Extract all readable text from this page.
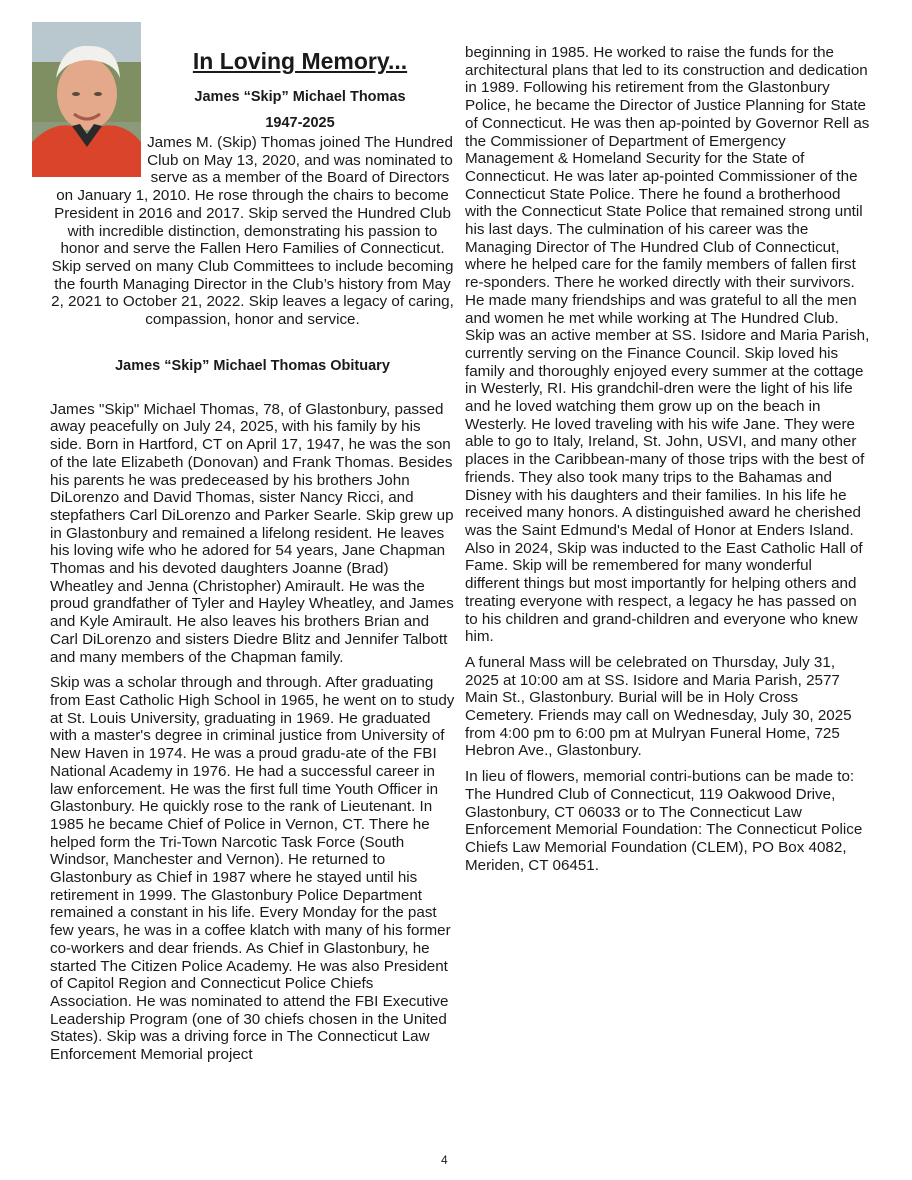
In Loving Memory...
James “Skip” Michael Thomas
1947-2025

James M. (Skip) Thomas joined The Hundred Club on May 13, 2020, and was nominated to serve as a member of the Board of Directors on January 1, 2010. He rose through the chairs to become President in 2016 and 2017. Skip served the Hundred Club with incredible distinction, demonstrating his passion to honor and serve the Fallen Hero Families of Connecticut. Skip served on many Club Committees to include becoming the fourth Managing Director in the Club’s history from May 2, 2021 to October 21, 2022. Skip leaves a legacy of caring, compassion, honor and service.

James “Skip” Michael Thomas Obituary

James "Skip" Michael Thomas, 78, of Glastonbury, passed away peacefully on July 24, 2025, with his family by his side. Born in Hartford, CT on April 17, 1947, he was the son of the late Elizabeth (Donovan) and Frank Thomas. Besides his parents he was predeceased by his brothers John DiLorenzo and David Thomas, sister Nancy Ricci, and stepfathers Carl DiLorenzo and Parker Searle. Skip grew up in Glastonbury and remained a lifelong resident. He leaves his loving wife who he adored for 54 years, Jane Chapman Thomas and his devoted daughters Joanne (Brad) Wheatley and Jenna (Christopher) Amirault. He was the proud grandfather of Tyler and Hayley Wheatley, and James and Kyle Amirault. He also leaves his brothers Brian and Carl DiLorenzo and sisters Diedre Blitz and Jennifer Talbott and many members of the Chapman family.

Skip was a scholar through and through. After graduating from East Catholic High School in 1965, he went on to study at St. Louis University, graduating in 1969. He graduated with a master's degree in criminal justice from University of New Haven in 1974. He was a proud gradu-ate of the FBI National Academy in 1976. He had a successful career in law enforcement. He was the first full time Youth Officer in Glastonbury. He quickly rose to the rank of Lieutenant. In 1985 he became Chief of Police in Vernon, CT. There he helped form the Tri-Town Narcotic Task Force (South Windsor, Manchester and Vernon). He returned to Glastonbury as Chief in 1987 where he stayed until his retirement in 1999. The Glastonbury Police Department remained a constant in his life. Every Monday for the past few years, he was in a coffee klatch with many of his former co-workers and dear friends. As Chief in Glastonbury, he started The Citizen Police Academy. He was also President of Capitol Region and Connecticut Police Chiefs Association. He was nominated to attend the FBI Executive Leadership Program (one of 30 chiefs chosen in the United States). Skip was a driving force in The Connecticut Law Enforcement Memorial project

beginning in 1985. He worked to raise the funds for the architectural plans that led to its construction and dedication in 1989. Following his retirement from the Glastonbury Police, he became the Director of Justice Planning for State of Connecticut. He was then ap-pointed by Governor Rell as the Commissioner of Department of Emergency Management & Homeland Security for the State of Connecticut. He was later ap-pointed Commissioner of the Connecticut State Police. There he found a brotherhood with the Connecticut State Police that remained strong until his last days. The culmination of his career was the Managing Director of The Hundred Club of Connecticut, where he helped care for the family members of fallen first re-sponders. There he worked directly with their survivors. He made many friendships and was grateful to all the men and women he met while working at The Hundred Club. Skip was an active member at SS. Isidore and Maria Parish, currently serving on the Finance Council. Skip loved his family and thoroughly enjoyed every summer at the cottage in Westerly, RI. His grandchil-dren were the light of his life and he loved watching them grow up on the beach in Westerly. He loved traveling with his wife Jane. They were able to go to Italy, Ireland, St. John, USVI, and many other places in the Caribbean-many of those trips with the best of friends. They also took many trips to the Bahamas and Disney with his daughters and their families. In his life he received many honors. A distinguished award he cherished was the Saint Edmund's Medal of Honor at Enders Island. Also in 2024, Skip was inducted to the East Catholic Hall of Fame. Skip will be remembered for many wonderful different things but most importantly for helping others and treating everyone with respect, a legacy he has passed on to his children and grand-children and everyone who knew him.

A funeral Mass will be celebrated on Thursday, July 31, 2025 at 10:00 am at SS. Isidore and Maria Parish, 2577 Main St., Glastonbury. Burial will be in Holy Cross Cemetery. Friends may call on Wednesday, July 30, 2025 from 4:00 pm to 6:00 pm at Mulryan Funeral Home, 725 Hebron Ave., Glastonbury.

In lieu of flowers, memorial contri-butions can be made to: The Hundred Club of Connecticut, 119 Oakwood Drive, Glastonbury, CT 06033 or to The Connecticut Law Enforcement Memorial Foundation: The Connecticut Police Chiefs Law Memorial Foundation (CLEM), PO Box 4082, Meriden, CT 06451.

4
